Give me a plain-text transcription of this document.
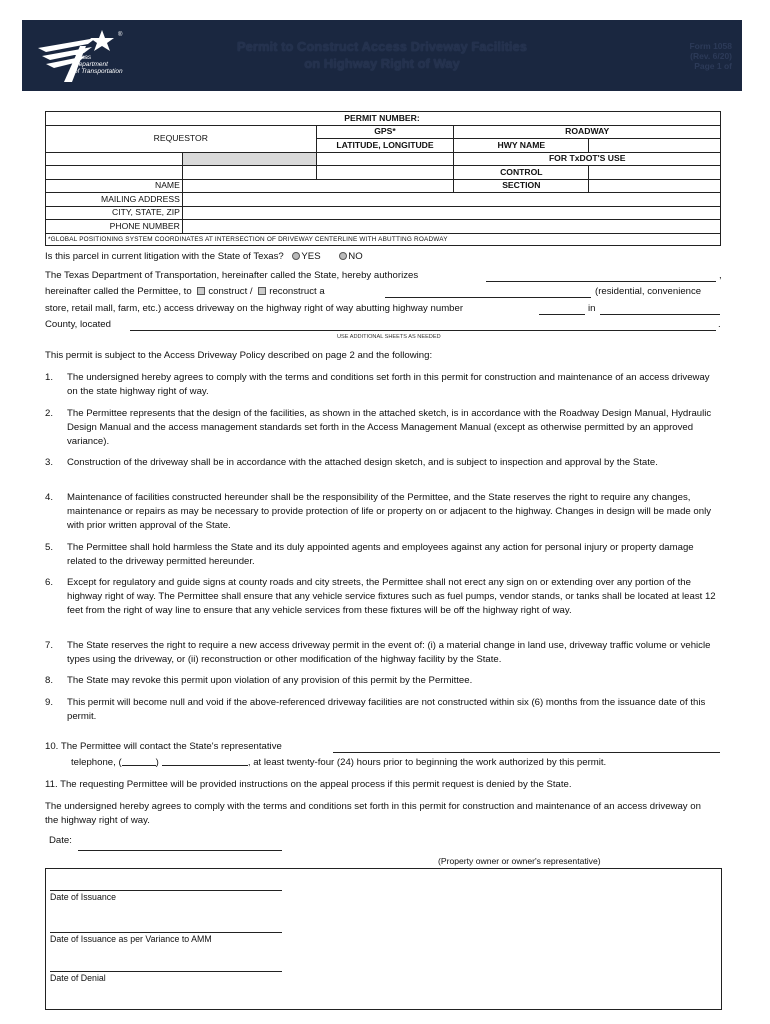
®
Texas
Department
of Transportation
Permit to Construct Access Driveway Facilities
on Highway Right of Way
Form 1058
(Rev. 6/20)
Page 1 of
PERMIT NUMBER:				
REQUESTOR		GPS*	ROADWAY	
		LATITUDE, LONGITUDE	HWY NAME	
			FOR TxDOT'S USE	
			CONTROL	
NAME			SECTION	
MAILING ADDRESS				
CITY, STATE, ZIP				
PHONE NUMBER				
*GLOBAL POSITIONING SYSTEM COORDINATES AT INTERSECTION OF DRIVEWAY CENTERLINE WITH ABUTTING ROADWAY				
Is this parcel in current litigation with the State of Texas? YES	NO
The Texas Department of Transportation, hereinafter called the State, hereby authorizes	,
hereinafter called the Permittee, to construct / reconstruct a	(residential, convenience
store, retail mall, farm, etc.) access driveway on the highway right of way abutting highway number	in
County, located	.
USE ADDITIONAL SHEETS AS NEEDED
This permit is subject to the Access Driveway Policy described on page 2 and the following:
1. The undersigned hereby agrees to comply with the terms and conditions set forth in this permit for construction and maintenance of an access driveway on the state highway right of way.
2. The Permittee represents that the design of the facilities, as shown in the attached sketch, is in accordance with the Roadway Design Manual, Hydraulic Design Manual and the access management standards set forth in the Access Management Manual (except as otherwise permitted by an approved variance).
3. Construction of the driveway shall be in accordance with the attached design sketch, and is subject to inspection and approval by the State.
4. Maintenance of facilities constructed hereunder shall be the responsibility of the Permittee, and the State reserves the right to require any changes, maintenance or repairs as may be necessary to provide protection of life or property on or adjacent to the highway. Changes in design will be made only with prior written approval of the State.
5. The Permittee shall hold harmless the State and its duly appointed agents and employees against any action for personal injury or property damage related to the driveway permitted hereunder.
6. Except for regulatory and guide signs at county roads and city streets, the Permittee shall not erect any sign on or extending over any portion of the highway right of way. The Permittee shall ensure that any vehicle service fixtures such as fuel pumps, vendor stands, or tanks shall be located at least 12 feet from the right of way line to ensure that any vehicle services from these fixtures will be off the highway right of way.
7. The State reserves the right to require a new access driveway permit in the event of: (i) a material change in land use, driveway traffic volume or vehicle types using the driveway, or (ii) reconstruction or other modification of the highway facility by the State.
8. The State may revoke this permit upon violation of any provision of this permit by the Permittee.
9. This permit will become null and void if the above-referenced driveway facilities are not constructed within six (6) months from the issuance date of this permit.
10. The Permittee will contact the State's representative
telephone, (	)	, at least twenty-four (24) hours prior to beginning the work authorized by this permit.
11. The requesting Permittee will be provided instructions on the appeal process if this permit request is denied by the State.
The undersigned hereby agrees to comply with the terms and conditions set forth in this permit for construction and maintenance of an access driveway on the highway right of way.
Date:
(Property owner or owner's representative)
Date of Issuance
Date of Issuance as per Variance to AMM
Date of Denial
